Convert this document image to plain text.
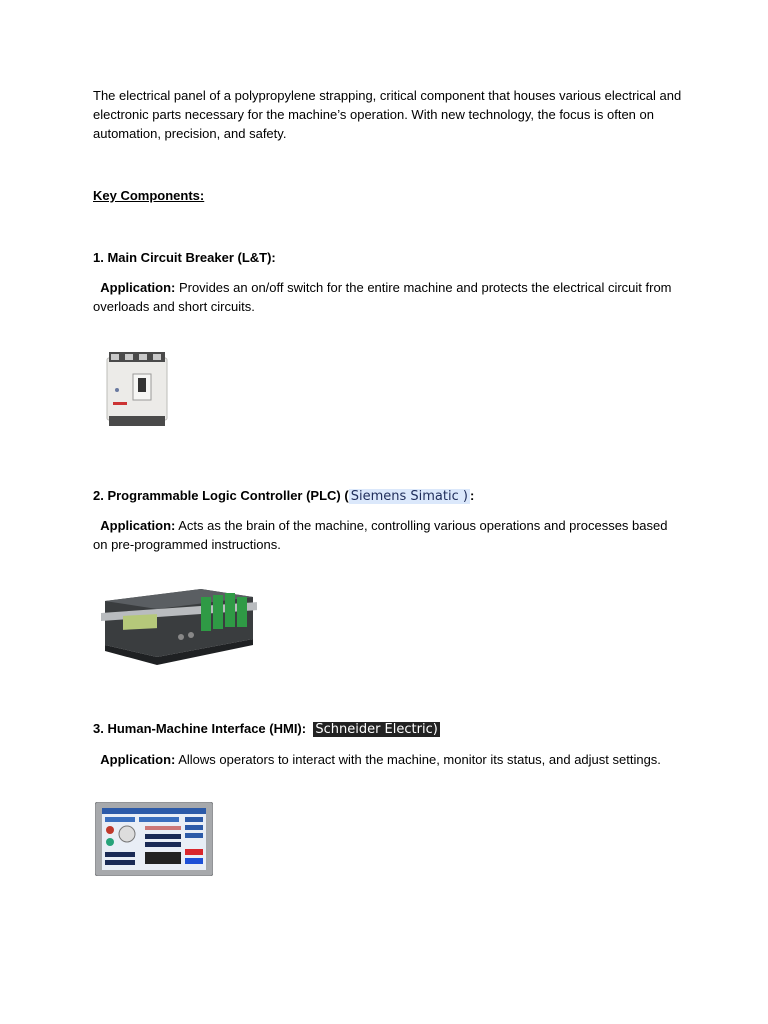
The electrical panel of a polypropylene strapping, critical component that houses various electrical and electronic parts necessary for the machine’s operation. With new technology, the focus is often on automation, precision, and safety.
Key Components:
1. Main Circuit Breaker (L&T):
Application: Provides an on/off switch for the entire machine and protects the electrical circuit from overloads and short circuits.
2. Programmable Logic Controller (PLC) ( Siemens Simatic ) :
Application: Acts as the brain of the machine, controlling various operations and processes based on pre-programmed instructions.
3. Human-Machine Interface (HMI): Schneider Electric)
Application: Allows operators to interact with the machine, monitor its status, and adjust settings.
